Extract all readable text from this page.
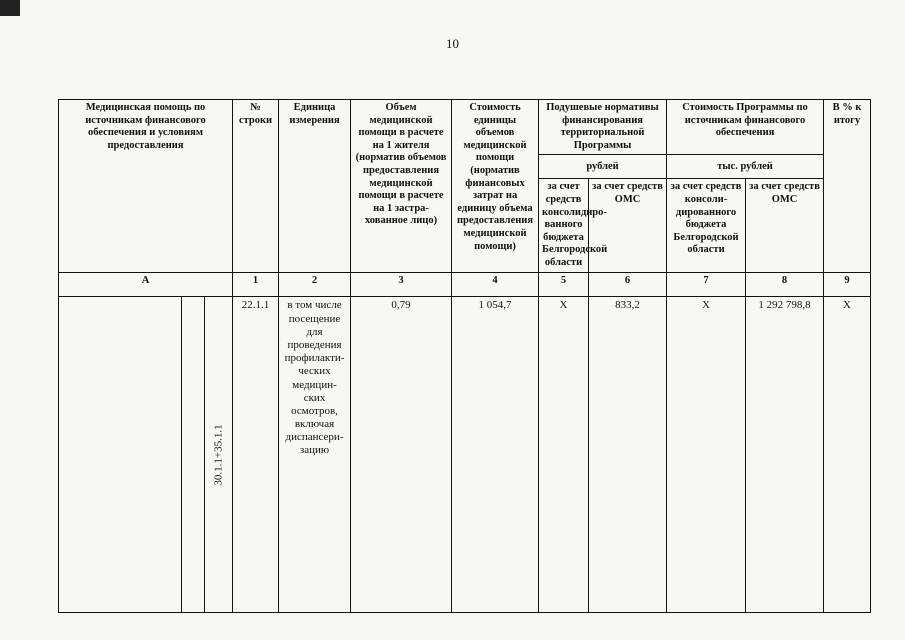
10
Медицинская помощь по источникам финансового обеспечения и условиям предоставления			№ строки	Единица измерения	Объем медицинской помощи в расчете на 1 жителя (норматив объемов предоставления медицинской помощи в расчете на 1 застра-хованное лицо)	Стоимость единицы объемов медицинской помощи (норматив финансовых затрат на единицу объема предоставления медицинской помощи)	Подушевые нормативы финансирования территориальной Программы		Стоимость Программы по источникам финансового обеспечения		В % к итогу
							рублей		тыс. рублей		
							за счет средств консолидиро-ванного бюджета Белгородской области	за счет средств ОМС	за счет средств консоли-дированного бюджета Белгородской области	за счет средств ОМС	
А			1	2	3	4	5	6	7	8	9

		30.1.1+35.1.1	22.1.1	в том числе посещение для проведения профилакти-ческих медицин-ских осмотров, включая диспансери-зацию	0,79	1 054,7	Х	833,2	Х	1 292 798,8	Х
